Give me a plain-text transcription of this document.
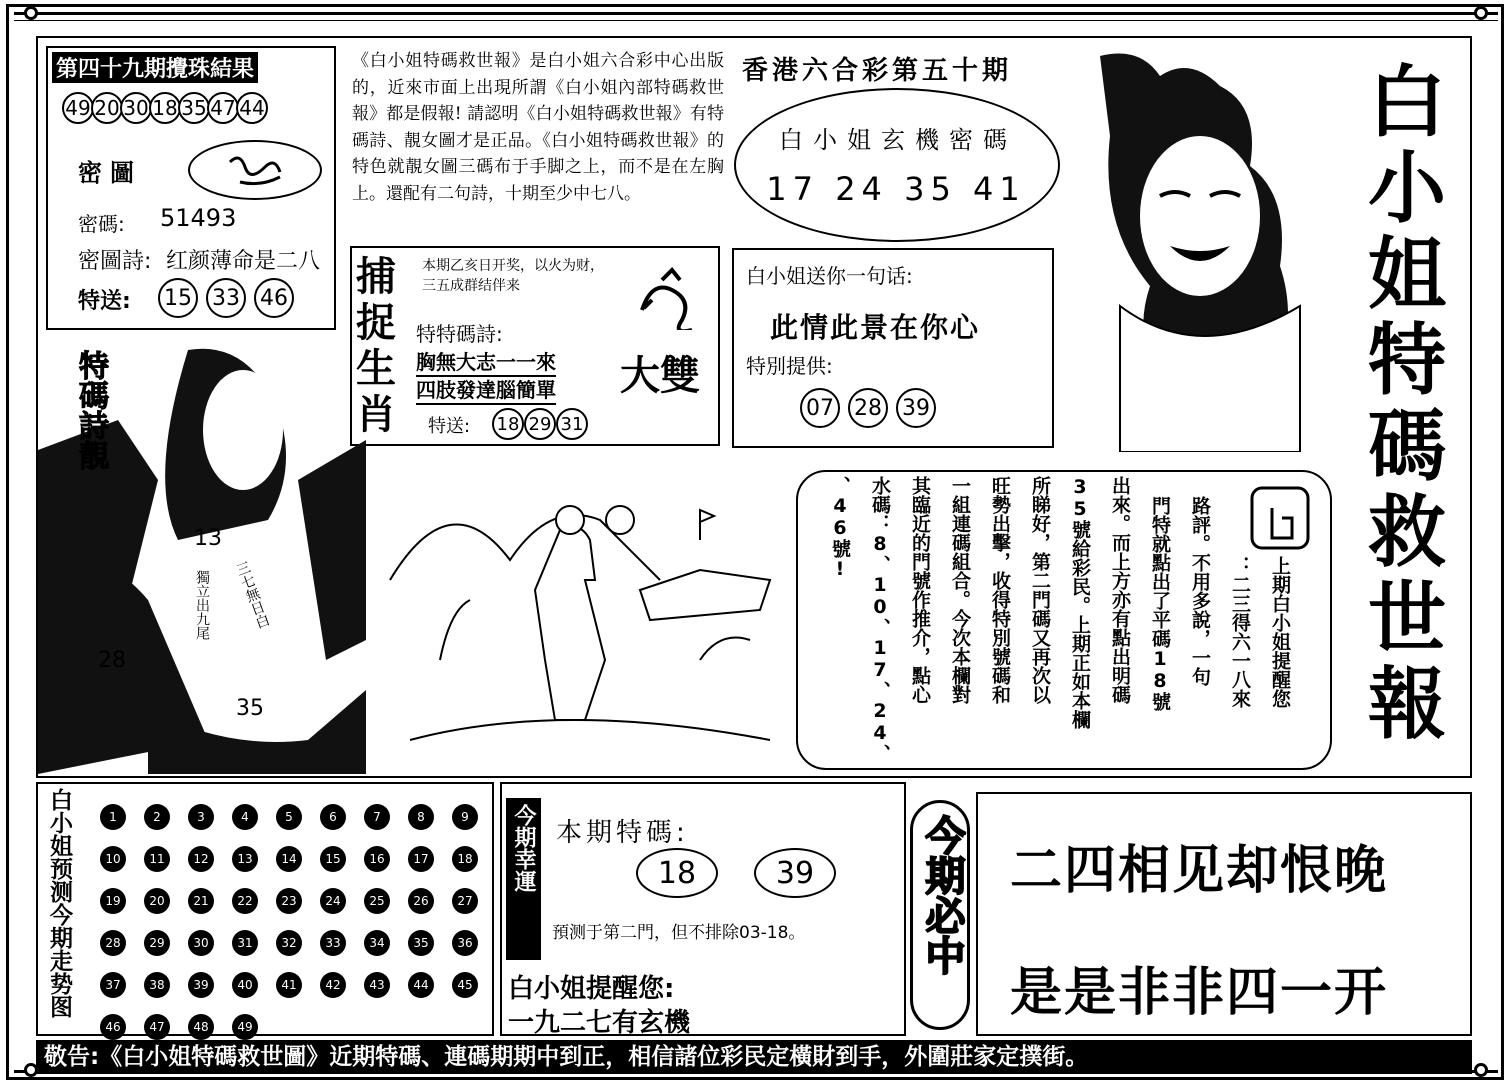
第四十九期攪珠結果
49 20 30 18 35 47 44
密圖
密碼: 51493
密圖詩: 红颜薄命是二八
特送: 15 33 46
《白小姐特碼救世報》是白小姐六合彩中心出版的，近來市面上出現所謂《白小姐內部特碼救世報》都是假報! 請認明《白小姐特碼救世報》有特碼詩、靚女圖才是正品。《白小姐特碼救世報》的特色就靚女圖三碼布于手脚之上，而不是在左胸上。還配有二句詩，十期至少中七八。
香港六合彩第五十期
白小姐玄機密碼
17 24 35 41
白
小
姐
特
碼
救
世
報
捕
捉
生
肖
本期乙亥日开奖，以火为财，三五成群结伴来
特特碼詩:
胸無大志一一來
四肢發達腦簡單 大雙
特送: 18 29 31
白小姐送你一句话:
此情此景在你心
特別提供:
07 28 39
特碼詩靚
13
28
35
獨立出九尾 三七無日白	上期白小姐提醒您
：二三得六一八來
路評。不用多說，一句
門特就點出了平碼18號
出來。而上方亦有點出明碼
35號給彩民。上期正如本欄
所睇好，第二門碼又再次以
旺勢出擊，收得特別號碼和
一組連碼組合。今次本欄對
其臨近的門號作推介，點心
水碼：8、10、17、24、
、46號!
白小姐预测今期走势图	1	2	3	4	5	6	7	8	9
10	11	12	13	14	15	16	17	18
19	20	21	22	23	24	25	26	27
28	29	30	31	32	33	34	35	36
37	38	39	40	41	42	43	44	45
46	47	48	49
今期幸運 本期特碼:
18	39
預测于第二門，但不排除03-18。
白小姐提醒您:
一九二七有玄機
今期必中 二四相见却恨晚
是是非非四一开
敬告:《白小姐特碼救世圖》近期特碼、連碼期期中到正，相信諸位彩民定橫財到手，外圍莊家定撲街。
